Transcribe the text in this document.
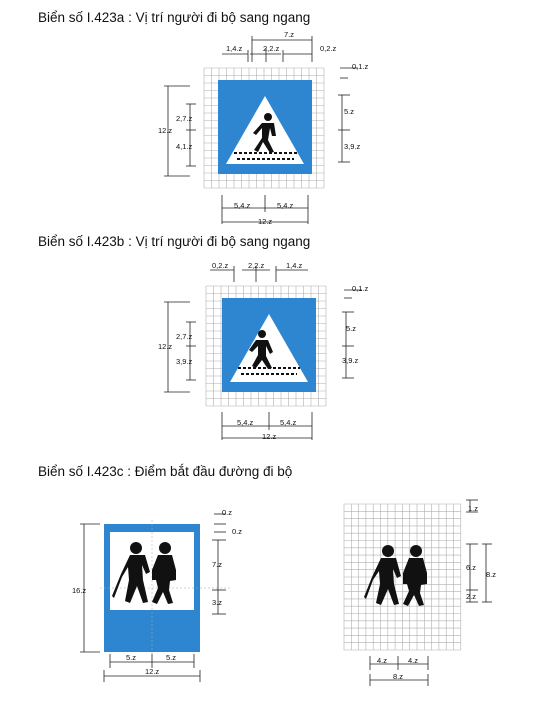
Biển số I.423a : Vị trí người đi bộ sang ngang
1,4.z	2,2.z
7.z
0,2.z
0,1.z
5.z
3,9.z
12.z
2,7.z
4,1.z
5,4.z	5,4.z
12.z
Biển số I.423b : Vị trí người đi bộ sang ngang
0,2.z	2,2.z	1,4.z
0,1.z
5.z
3,9.z
12.z
2,7.z
3,9.z
5,4.z	5,4.z
12.z
Biển số I.423c : Điểm bắt đầu đường đi bộ
16.z
0.z
0.z
7.z
3.z
5.z	5.z
12.z
1.z
6.z
8.z
2.z
4.z	4.z
8.z
